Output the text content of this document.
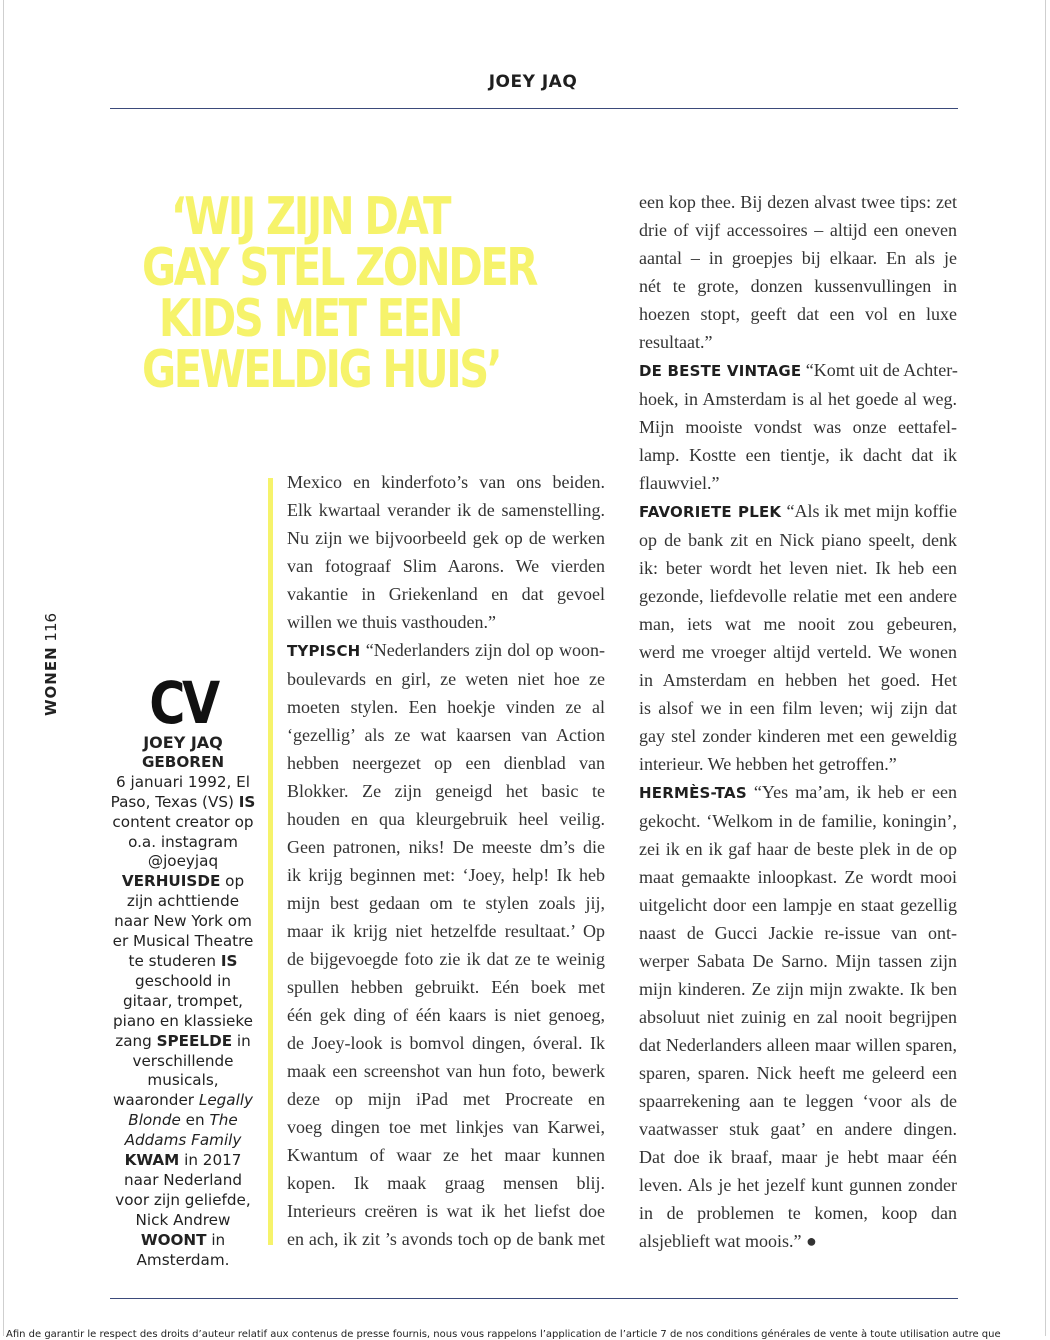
JOEY JAQ
WONEN 116
‘WIJ ZIJN DAT
GAY STEL ZONDER
KIDS MET EEN
GEWELDIG HUIS’
CV
JOEY JAQ
GEBOREN
6 januari 1992, El Paso, Texas (VS) IS content creator op o.a. instagram @joeyjaq VERHUISDE op zijn achttiende naar New York om er Musical Theatre te studeren IS geschoold in gitaar, trompet, piano en klassieke zang SPEELDE in verschillende musicals, waaronder Legally Blonde en The Addams Family KWAM in 2017 naar Nederland voor zijn geliefde, Nick Andrew WOONT in Amsterdam.
Mexico en kinderfoto’s van ons beiden.
Elk kwartaal verander ik de samenstelling.
Nu zijn we bijvoorbeeld gek op de werken
van fotograaf Slim Aarons. We vierden
vakantie in Griekenland en dat gevoel
willen we thuis vasthouden.”
TYPISCH “Nederlanders zijn dol op woon-
boulevards en girl, ze weten niet hoe ze
moeten stylen. Een hoekje vinden ze al
‘gezellig’ als ze wat kaarsen van Action
hebben neergezet op een dienblad van
Blokker. Ze zijn geneigd het basic te
houden en qua kleurgebruik heel veilig.
Geen patronen, niks! De meeste dm’s die
ik krijg beginnen met: ‘Joey, help! Ik heb
mijn best gedaan om te stylen zoals jij,
maar ik krijg niet hetzelfde resultaat.’ Op
de bijgevoegde foto zie ik dat ze te weinig
spullen hebben gebruikt. Eén boek met
één gek ding of één kaars is niet genoeg,
de Joey-look is bomvol dingen, óveral. Ik
maak een screenshot van hun foto, bewerk
deze op mijn iPad met Procreate en
voeg dingen toe met linkjes van Karwei,
Kwantum of waar ze het maar kunnen
kopen. Ik maak graag mensen blij.
Interieurs creëren is wat ik het liefst doe
en ach, ik zit ’s avonds toch op de bank met
een kop thee. Bij dezen alvast twee tips: zet
drie of vijf accessoires – altijd een oneven
aantal – in groepjes bij elkaar. En als je
nét te grote, donzen kussenvullingen in
hoezen stopt, geeft dat een vol en luxe
resultaat.”
DE BESTE VINTAGE “Komt uit de Achter-
hoek, in Amsterdam is al het goede al weg.
Mijn mooiste vondst was onze eettafel-
lamp. Kostte een tientje, ik dacht dat ik
flauwviel.”
FAVORIETE PLEK “Als ik met mijn koffie
op de bank zit en Nick piano speelt, denk
ik: beter wordt het leven niet. Ik heb een
gezonde, liefdevolle relatie met een andere
man, iets wat me nooit zou gebeuren,
werd me vroeger altijd verteld. We wonen
in Amsterdam en hebben het goed. Het
is alsof we in een film leven; wij zijn dat
gay stel zonder kinderen met een geweldig
interieur. We hebben het getroffen.”
HERMÈS-TAS “Yes ma’am, ik heb er een
gekocht. ‘Welkom in de familie, koningin’,
zei ik en ik gaf haar de beste plek in de op
maat gemaakte inloopkast. Ze wordt mooi
uitgelicht door een lampje en staat gezellig
naast de Gucci Jackie re-issue van ont-
werper Sabata De Sarno. Mijn tassen zijn
mijn kinderen. Ze zijn mijn zwakte. Ik ben
absoluut niet zuinig en zal nooit begrijpen
dat Nederlanders alleen maar willen sparen,
sparen, sparen. Nick heeft me geleerd een
spaarrekening aan te leggen ‘voor als de
vaatwasser stuk gaat’ en andere dingen.
Dat doe ik braaf, maar je hebt maar één
leven. Als je het jezelf kunt gunnen zonder
in de problemen te komen, koop dan
alsjeblieft wat moois.” ●
Afin de garantir le respect des droits d’auteur relatif aux contenus de presse fournis, nous vous rappelons l’application de l’article 7 de nos conditions générales de vente à toute utilisation autre que
